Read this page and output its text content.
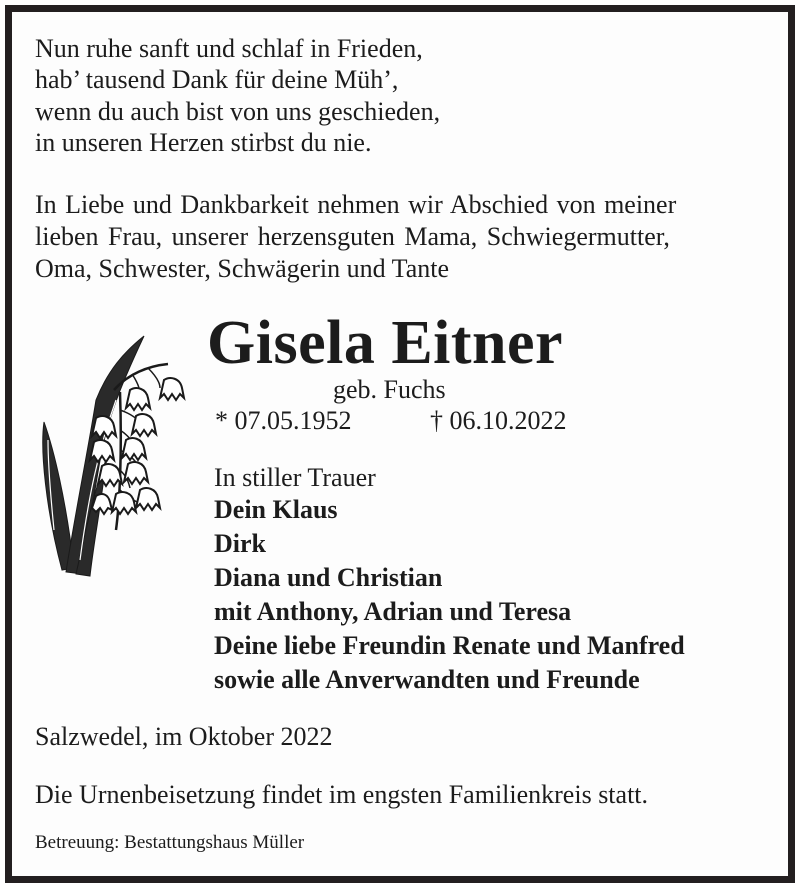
Nun ruhe sanft und schlaf in Frieden,
hab’ tausend Dank für deine Müh’,
wenn du auch bist von uns geschieden,
in unseren Herzen stirbst du nie.
In Liebe und Dankbarkeit nehmen wir Abschied von meiner
lieben Frau, unserer herzensguten Mama, Schwiegermutter,
Oma, Schwester, Schwägerin und Tante
Gisela Eitner
geb. Fuchs
* 07.05.1952	† 06.10.2022
In stiller Trauer
Dein Klaus
Dirk
Diana und Christian
mit Anthony, Adrian und Teresa
Deine liebe Freundin Renate und Manfred
sowie alle Anverwandten und Freunde
Salzwedel, im Oktober 2022
Die Urnenbeisetzung findet im engsten Familienkreis statt.
Betreuung: Bestattungshaus Müller
